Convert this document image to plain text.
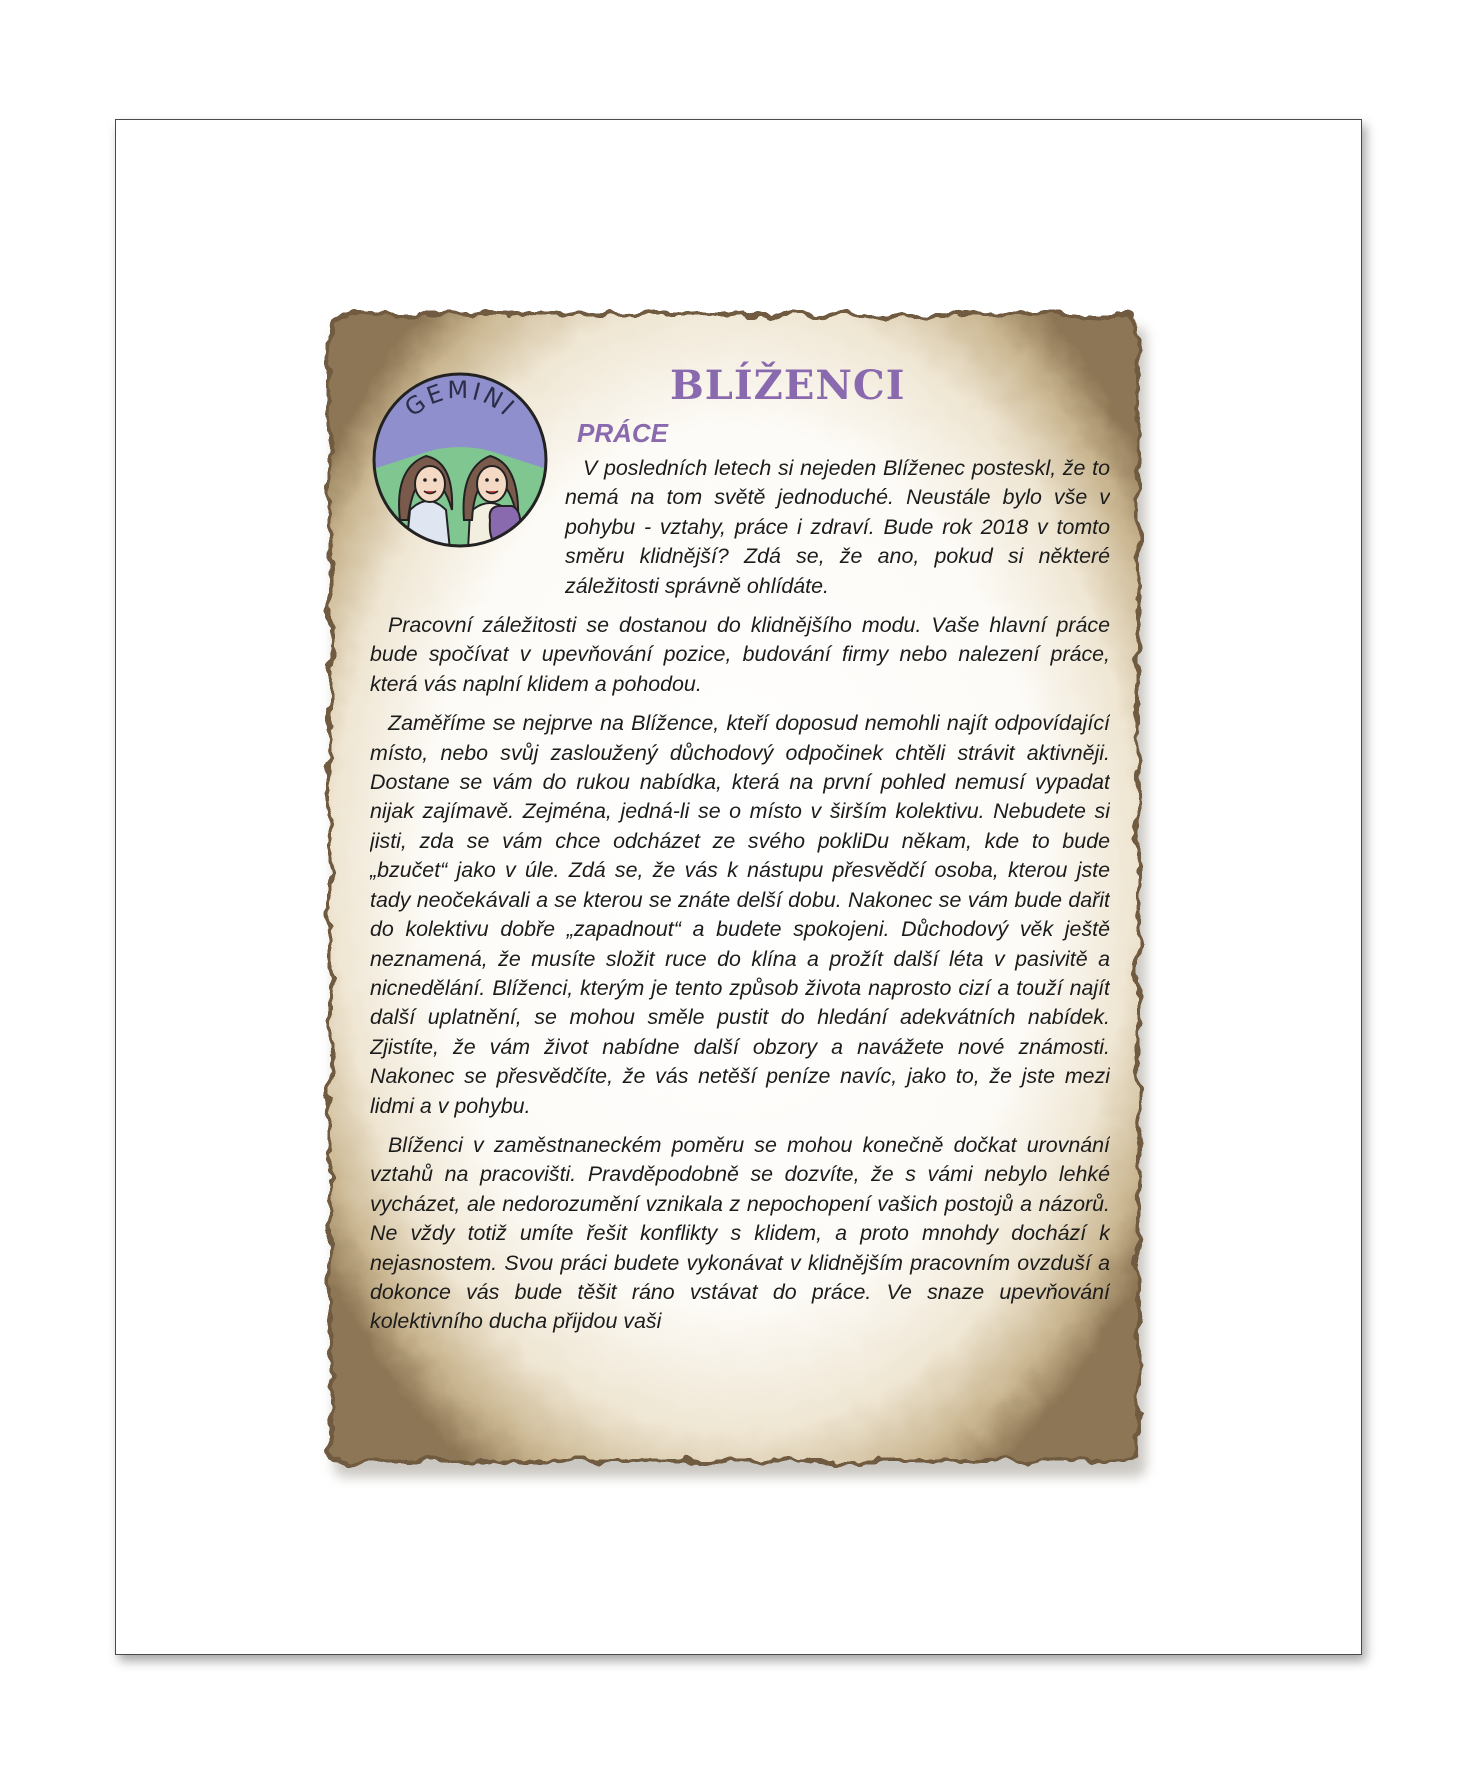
GEMINI	BLÍŽENCI
PRÁCE

V posledních letech si nejeden Blíženec posteskl, že to nemá na tom světě jednoduché. Neustále bylo vše v pohybu - vztahy, práce i zdraví. Bude rok 2018 v tomto směru klidnější? Zdá se, že ano, pokud si některé záležitosti správně ohlídáte.

Pracovní záležitosti se dostanou do klidnějšího modu. Vaše hlavní práce bude spočívat v upevňování pozice, budování firmy nebo nalezení práce, která vás naplní klidem a pohodou.

Zaměříme se nejprve na Blížence, kteří doposud nemohli najít odpovídající místo, nebo svůj zasloužený důchodový odpočinek chtěli strávit aktivněji. Dostane se vám do rukou nabídka, která na první pohled nemusí vypadat nijak zajímavě. Zejména, jedná-li se o místo v širším kolektivu. Nebudete si jisti, zda se vám chce odcházet ze svého pokliDu někam, kde to bude „bzučet“ jako v úle. Zdá se, že vás k nástupu přesvědčí osoba, kterou jste tady neočekávali a se kterou se znáte delší dobu. Nakonec se vám bude dařit do kolektivu dobře „zapadnout“ a budete spokojeni. Důchodový věk ještě neznamená, že musíte složit ruce do klína a prožít další léta v pasivitě a nicnedělání. Blíženci, kterým je tento způsob života naprosto cizí a touží najít další uplatnění, se mohou směle pustit do hledání adekvátních nabídek. Zjistíte, že vám život nabídne další obzory a navážete nové známosti. Nakonec se přesvědčíte, že vás netěší peníze navíc, jako to, že jste mezi lidmi a v pohybu.

Blíženci v zaměstnaneckém poměru se mohou konečně dočkat urovnání vztahů na pracovišti. Pravděpodobně se dozvíte, že s vámi nebylo lehké vycházet, ale nedorozumění vznikala z nepochopení vašich postojů a názorů. Ne vždy totiž umíte řešit konflikty s klidem, a proto mnohdy dochází k nejasnostem. Svou práci budete vykonávat v klidnějším pracovním ovzduší a dokonce vás bude těšit ráno vstávat do práce. Ve snaze upevňování kolektivního ducha přijdou vaši
